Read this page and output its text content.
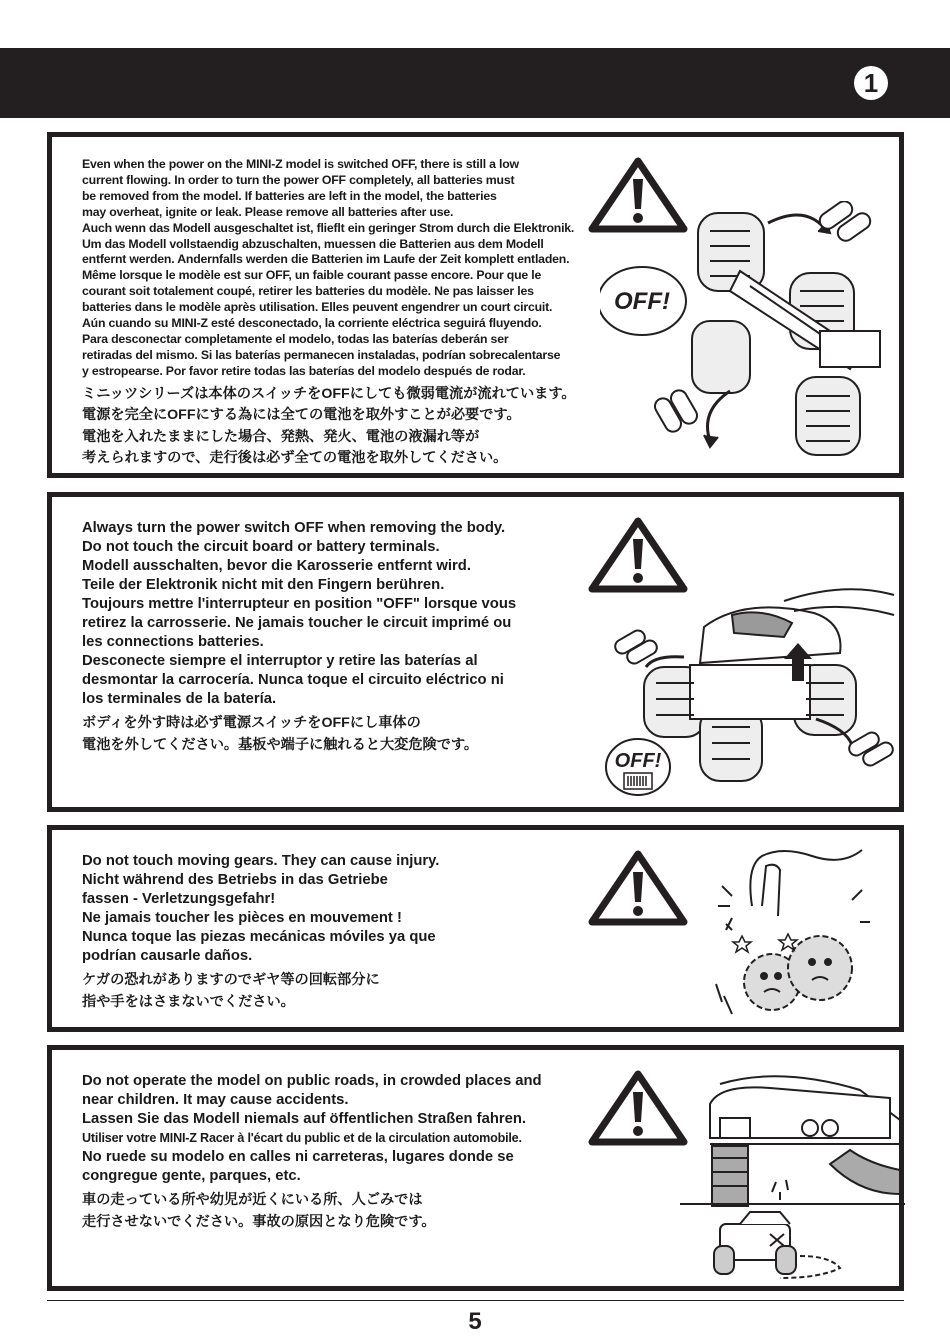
1

Even when the power on the MINI-Z model is switched OFF, there is still a low
current flowing. In order to turn the power OFF completely, all batteries must
be removed from the model. If batteries are left in the model, the batteries
may overheat, ignite or leak. Please remove all batteries after use.

Auch wenn das Modell ausgeschaltet ist, flieflt ein geringer Strom durch die Elektronik.
Um das Modell vollstaendig abzuschalten, muessen die Batterien aus dem Modell
entfernt werden. Andernfalls werden die Batterien im Laufe der Zeit komplett entladen.

Même lorsque le modèle est sur OFF, un faible courant passe encore. Pour que le
courant soit totalement coupé, retirer les batteries du modèle. Ne pas laisser les
batteries dans le modèle après utilisation. Elles peuvent engendrer un court circuit.

Aún cuando su MINI-Z esté desconectado, la corriente eléctrica seguirá fluyendo.
Para desconectar completamente el modelo, todas las baterías deberán ser
retiradas del mismo. Si las baterías permanecen instaladas, podrían sobrecalentarse
y estropearse. Por favor retire todas las baterías del modelo después de rodar.

ミニッツシリーズは本体のスイッチをOFFにしても微弱電流が流れています。
電源を完全にOFFにする為には全ての電池を取外すことが必要です。
電池を入れたままにした場合、発熱、発火、電池の液漏れ等が
考えられますので、走行後は必ず全ての電池を取外してください。

OFF!

Always turn the power switch OFF when removing the body.
Do not touch the circuit board or battery terminals.

Modell ausschalten, bevor die Karosserie entfernt wird.
Teile der Elektronik nicht mit den Fingern berühren.

Toujours mettre l'interrupteur en position "OFF" lorsque vous
retirez la carrosserie. Ne jamais toucher le circuit imprimé ou
les connections batteries.

Desconecte siempre el interruptor y retire las baterías al
desmontar la carrocería. Nunca toque el circuito eléctrico ni
los terminales de la batería.

ボディを外す時は必ず電源スイッチをOFFにし車体の
電池を外してください。基板や端子に触れると大変危険です。

OFF!

Do not touch moving gears. They can cause injury.

Nicht während des Betriebs in das Getriebe
fassen - Verletzungsgefahr!

Ne jamais toucher les pièces en mouvement !

Nunca toque las piezas mecánicas móviles ya que
podrían causarle daños.

ケガの恐れがありますのでギヤ等の回転部分に
指や手をはさまないでください。

Do not operate the model on public roads, in crowded places and
near children. It may cause accidents.

Lassen Sie das Modell niemals auf öffentlichen Straßen fahren.

Utiliser votre MINI-Z Racer à l'écart du public et de la circulation automobile.

No ruede su modelo en calles ni carreteras, lugares donde se
congregue gente, parques, etc.

車の走っている所や幼児が近くにいる所、人ごみでは
走行させないでください。事故の原因となり危険です。

5
